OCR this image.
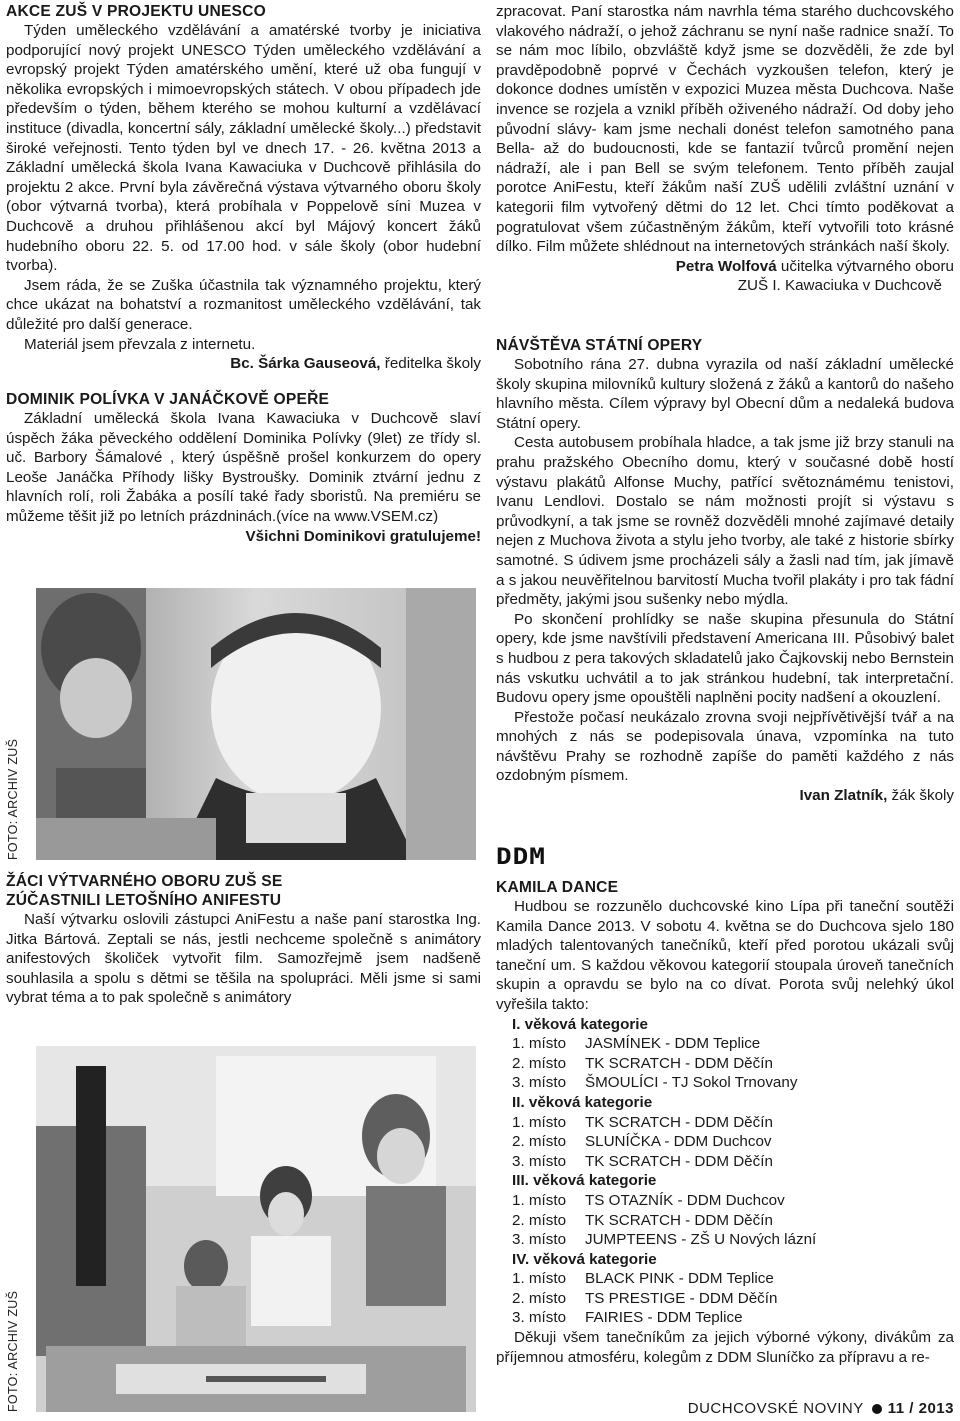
AKCE ZUŠ V PROJEKTU UNESCO

Týden uměleckého vzdělávání a amatérské tvorby je iniciativa podporující nový projekt UNESCO Týden uměleckého vzdělávání a evropský projekt Týden amatérského umění, které už oba fungují v několika evropských i mimoevropských státech. V obou případech jde především o týden, během kterého se mohou kulturní a vzdělávací instituce (divadla, koncertní sály, základní umělecké školy...) představit široké veřejnosti. Tento týden byl ve dnech 17. - 26. května 2013 a Základní umělecká škola Ivana Kawaciuka v Duchcově přihlásila do projektu 2 akce. První byla závěrečná výstava výtvarného oboru školy (obor výtvarná tvorba), která probíhala v Poppelově síni Muzea v Duchcově a druhou přihlášenou akcí byl Májový koncert žáků hudebního oboru 22. 5. od 17.00 hod. v sále školy (obor hudební tvorba).

Jsem ráda, že se Zuška účastnila tak významného projektu, který chce ukázat na bohatství a rozmanitost uměleckého vzdělávání, tak důležité pro další generace.

Materiál jsem převzala z internetu.

Bc. Šárka Gauseová, ředitelka školy
DOMINIK POLÍVKA V JANÁČKOVĚ OPEŘE

Základní umělecká škola Ivana Kawaciuka v Duchcově slaví úspěch žáka pěveckého oddělení Dominika Polívky (9let) ze třídy sl. uč. Barbory Šámalové , který úspěšně prošel konkurzem do opery Leoše Janáčka Příhody lišky Bystroušky. Dominik ztvární jednu z hlavních rolí, roli Žabáka a posílí také řady sboristů. Na premiéru se můžeme těšit již po letních prázdninách.(více na www.VSEM.cz)

Všichni Dominikovi gratulujeme!
FOTO: ARCHIV ZUŠ
ŽÁCI VÝTVARNÉHO OBORU ZUŠ SE
ZÚČASTNILI LETOŠNÍHO ANIFESTU

Naší výtvarku oslovili zástupci AniFestu a naše paní starostka Ing. Jitka Bártová. Zeptali se nás, jestli nechceme společně s animátory anifestových školiček vytvořit film. Samozřejmě jsem nadšeně souhlasila a spolu s dětmi se těšila na spolupráci. Měli jsme si sami vybrat téma a to pak společně s animátory

FOTO: ARCHIV ZUŠ

zpracovat. Paní starostka nám navrhla téma starého duchcovského vlakového nádraží, o jehož záchranu se nyní naše radnice snaží. To se nám moc líbilo, obzvláště když jsme se dozvěděli, že zde byl pravděpodobně poprvé v Čechách vyzkoušen telefon, který je dokonce dodnes umístěn v expozici Muzea města Duchcova. Naše invence se rozjela a vznikl příběh oživeného nádraží. Od doby jeho původní slávy- kam jsme nechali donést telefon samotného pana Bella- až do budoucnosti, kde se fantazií tvůrců promění nejen nádraží, ale i pan Bell se svým telefonem. Tento příběh zaujal porotce AniFestu, kteří žákům naší ZUŠ udělili zvláštní uznání v kategorii film vytvořený dětmi do 12 let. Chci tímto poděkovat a pogratulovat všem zúčastněným žákům, kteří vytvořili toto krásné dílko. Film můžete shlédnout na internetových stránkách naší školy.

Petra Wolfová učitelka výtvarného oboru
ZUŠ I. Kawaciuka v Duchcově
NÁVŠTĚVA STÁTNÍ OPERY

Sobotního rána 27. dubna vyrazila od naší základní umělecké školy skupina milovníků kultury složená z žáků a kantorů do našeho hlavního města. Cílem výpravy byl Obecní dům a nedaleká budova Státní opery.

Cesta autobusem probíhala hladce, a tak jsme již brzy stanuli na prahu pražského Obecního domu, který v současné době hostí výstavu plakátů Alfonse Muchy, patřící světoznámému tenistovi, Ivanu Lendlovi. Dostalo se nám možnosti projít si výstavu s průvodkyní, a tak jsme se rovněž dozvěděli mnohé zajímavé detaily nejen z Muchova života a stylu jeho tvorby, ale také z historie sbírky samotné. S údivem jsme procházeli sály a žasli nad tím, jak jímavě a s jakou neuvěřitelnou barvitostí Mucha tvořil plakáty i pro tak fádní předměty, jakými jsou sušenky nebo mýdla.

Po skončení prohlídky se naše skupina přesunula do Státní opery, kde jsme navštívili představení Americana III. Působivý balet s hudbou z pera takových skladatelů jako Čajkovskij nebo Bernstein nás vskutku uchvátil a to jak stránkou hudební, tak interpretační. Budovu opery jsme opouštěli naplněni pocity nadšení a okouzlení.

Přestože počasí neukázalo zrovna svoji nejpřívětivější tvář a na mnohých z nás se podepisovala únava, vzpomínka na tuto návštěvu Prahy se rozhodně zapíše do paměti každého z nás ozdobným písmem.

Ivan Zlatník, žák školy
DDM
KAMILA DANCE

Hudbou se rozzunělo duchcovské kino Lípa při taneční soutěži Kamila Dance 2013. V sobotu 4. května se do Duchcova sjelo 180 mladých talentovaných tanečníků, kteří před porotou ukázali svůj taneční um. S každou věkovou kategorií stoupala úroveň tanečních skupin a opravdu se bylo na co dívat. Porota svůj nelehký úkol vyřešila takto:

I. věková kategorie
1. místo	JASMÍNEK - DDM Teplice
2. místo	TK SCRATCH - DDM Děčín
3. místo	ŠMOULÍCI - TJ Sokol Trnovany
II. věková kategorie
1. místo	TK SCRATCH - DDM Děčín
2. místo	SLUNÍČKA - DDM Duchcov
3. místo	TK SCRATCH - DDM Děčín
III. věková kategorie
1. místo	TS OTAZNÍK - DDM Duchcov
2. místo	TK SCRATCH - DDM Děčín
3. místo	JUMPTEENS - ZŠ U Nových lázní
IV. věková kategorie
1. místo	BLACK PINK - DDM Teplice
2. místo	TS PRESTIGE - DDM Děčín
3. místo	FAIRIES - DDM Teplice

Děkuji všem tanečníkům za jejich výborné výkony, divákům za příjemnou atmosféru, kolegům z DDM Sluníčko za přípravu a re-

DUCHCOVSKÉ NOVINY 11 / 2013
